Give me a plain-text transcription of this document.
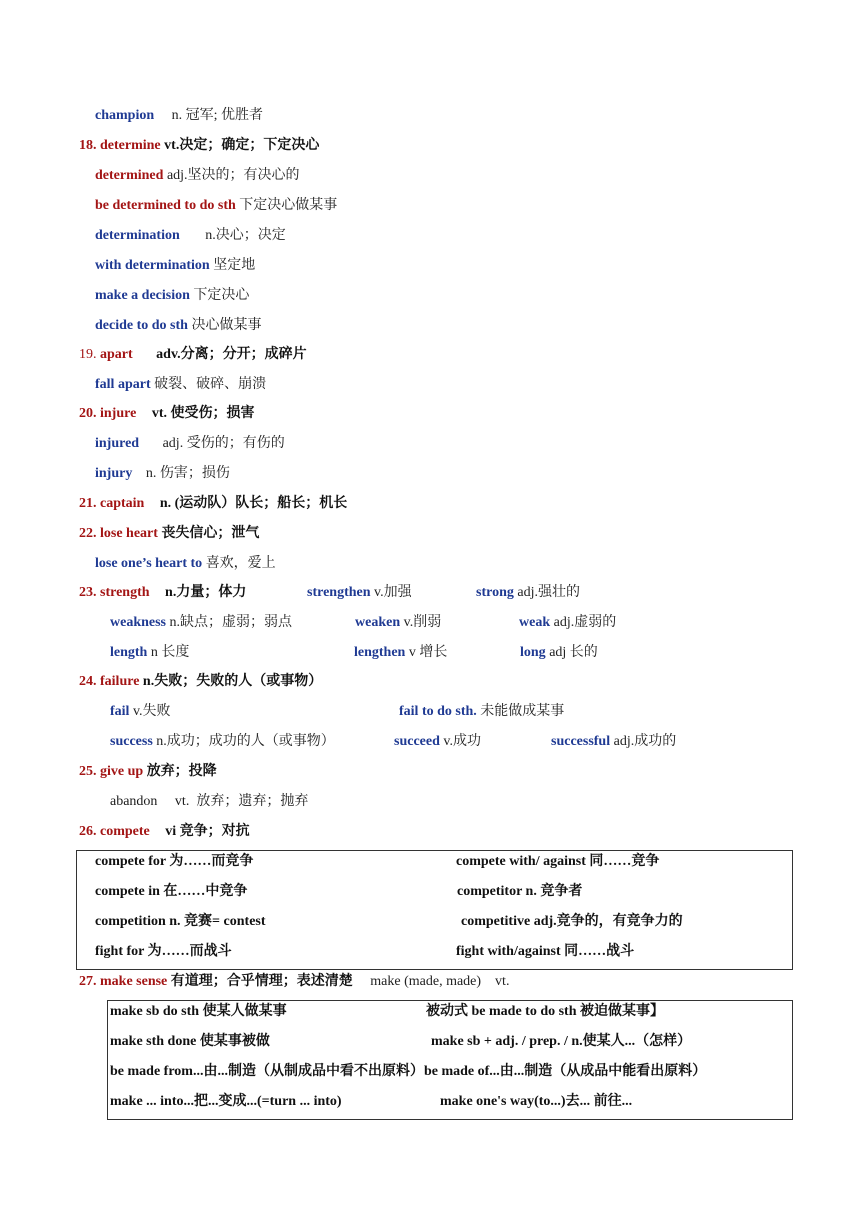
champion n. 冠军; 优胜者
18. determine vt.决定；确定；下定决心
determined adj.坚决的；有决心的
be determined to do sth 下定决心做某事
determination n.决心；决定
with determination 坚定地
make a decision 下定决心
decide to do sth 决心做某事
19. apart adv.分离；分开；成碎片
fall apart 破裂、破碎、崩溃
20. injure vt. 使受伤；损害
injured adj. 受伤的；有伤的
injury n. 伤害；损伤
21. captain n. (运动队）队长；船长；机长
22. lose heart 丧失信心；泄气
lose one’s heart to 喜欢，爱上
23. strength n.力量；体力	strengthen v.加强	strong adj.强壮的
weakness n.缺点；虚弱；弱点	weaken v.削弱	weak adj.虚弱的
length n 长度	lengthen v 增长	long adj 长的
24. failure n.失败；失败的人（或事物）
fail v.失败	fail to do sth. 未能做成某事
success n.成功；成功的人（或事物）	succeed v.成功	successful adj.成功的
25. give up 放弃；投降
abandon     vt.  放弃；遗弃；抛弃
26. compete vi 竞争；对抗
compete for 为……而竞争	compete with/ against 同……竞争
compete in 在……中竞争	competitor n. 竞争者
competition n. 竞赛= contest	competitive adj.竞争的，有竞争力的
fight for 为……而战斗	fight with/against 同……战斗
27. make sense 有道理；合乎情理；表述清楚 make (made, made)    vt.
make sb do sth 使某人做某事	被动式 be made to do sth 被迫做某事】
make sth done 使某事被做	make sb + adj. / prep. / n.使某人...（怎样）
be made from...由...制造（从制成品中看不出原料）be made of...由...制造（从成品中能看出原料）
make ... into...把...变成...(=turn ... into)	make one's way(to...)去... 前往...
